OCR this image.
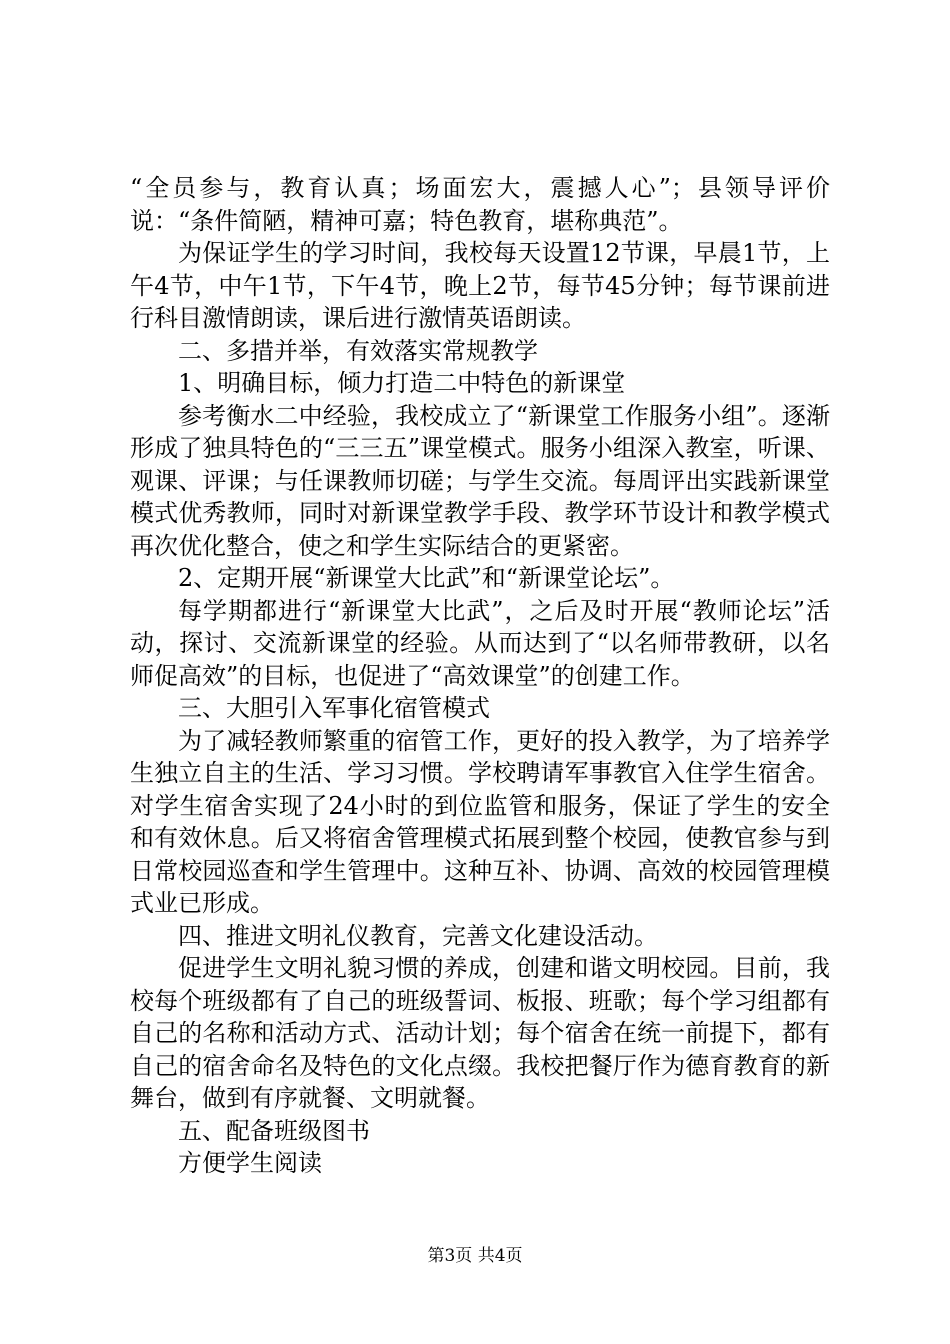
“全员参与，教育认真；场面宏大，震撼人心”；县领导评价说：“条件简陋，精神可嘉；特色教育，堪称典范”。

为保证学生的学习时间，我校每天设置12节课，早晨1节，上午4节，中午1节，下午4节，晚上2节，每节45分钟；每节课前进行科目激情朗读，课后进行激情英语朗读。

二、多措并举，有效落实常规教学

1、明确目标，倾力打造二中特色的新课堂

参考衡水二中经验，我校成立了“新课堂工作服务小组”。逐渐形成了独具特色的“三三五”课堂模式。服务小组深入教室，听课、观课、评课；与任课教师切磋；与学生交流。每周评出实践新课堂模式优秀教师，同时对新课堂教学手段、教学环节设计和教学模式再次优化整合，使之和学生实际结合的更紧密。

2、定期开展“新课堂大比武”和“新课堂论坛”。

每学期都进行“新课堂大比武”，之后及时开展“教师论坛”活动，探讨、交流新课堂的经验。从而达到了“以名师带教研，以名师促高效”的目标，也促进了“高效课堂”的创建工作。

三、大胆引入军事化宿管模式

为了减轻教师繁重的宿管工作，更好的投入教学，为了培养学生独立自主的生活、学习习惯。学校聘请军事教官入住学生宿舍。对学生宿舍实现了24小时的到位监管和服务，保证了学生的安全和有效休息。后又将宿舍管理模式拓展到整个校园，使教官参与到日常校园巡查和学生管理中。这种互补、协调、高效的校园管理模式业已形成。

四、推进文明礼仪教育，完善文化建设活动。

促进学生文明礼貌习惯的养成，创建和谐文明校园。目前，我校每个班级都有了自己的班级誓词、板报、班歌；每个学习组都有自己的名称和活动方式、活动计划；每个宿舍在统一前提下，都有自己的宿舍命名及特色的文化点缀。我校把餐厅作为德育教育的新舞台，做到有序就餐、文明就餐。

五、配备班级图书

方便学生阅读

第3页 共4页
